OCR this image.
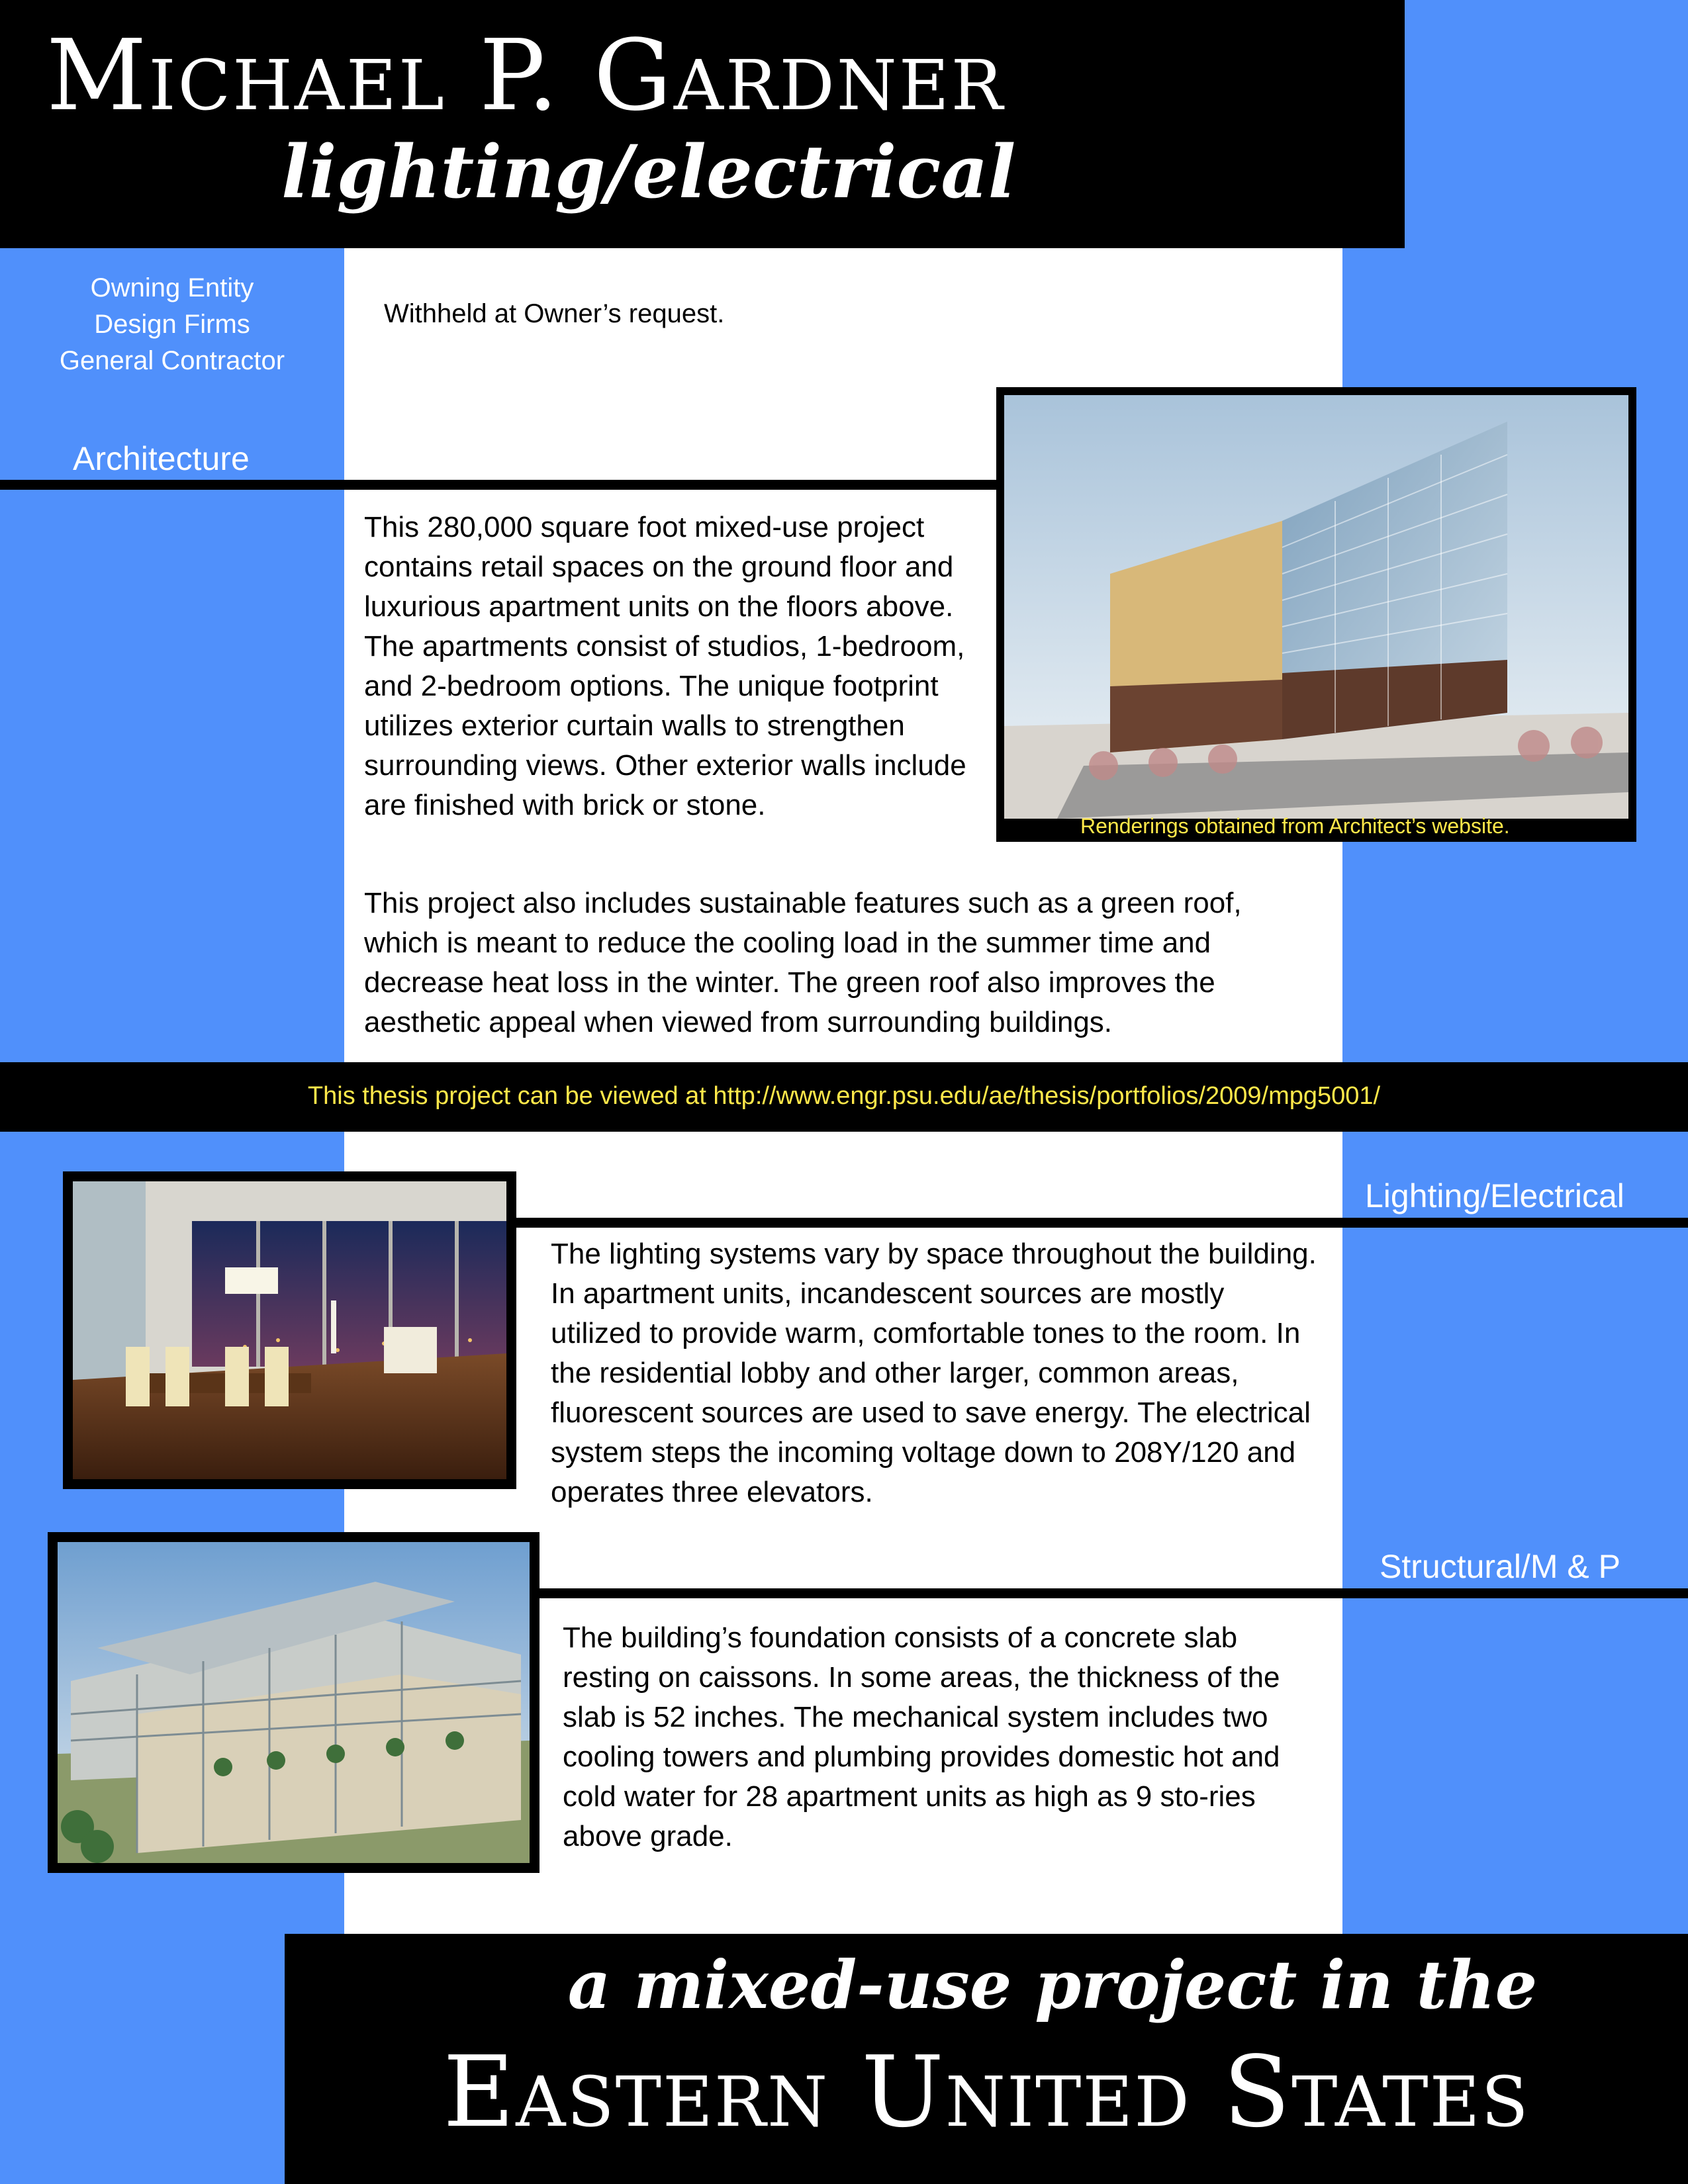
Michael P. Gardner
lighting/electrical
Owning Entity
Design Firms
General Contractor
Withheld at Owner’s request.
Architecture
Renderings obtained from Architect’s website.

This 280,000 square foot mixed-use project contains retail spaces on the ground floor and luxurious apartment units on the floors above. The apartments consist of studios, 1-bedroom, and 2-bedroom options. The unique footprint utilizes exterior curtain walls to strengthen surrounding views. Other exterior walls include are finished with brick or stone.

This project also includes sustainable features such as a green roof, which is meant to reduce the cooling load in the summer time and decrease heat loss in the winter. The green roof also improves the aesthetic appeal when viewed from surrounding buildings.

This thesis project can be viewed at http://www.engr.psu.edu/ae/thesis/portfolios/2009/mpg5001/
Lighting/Electrical

The lighting systems vary by space throughout the building. In apartment units, incandescent sources are mostly utilized to provide warm, comfortable tones to the room. In the residential lobby and other larger, common areas, fluorescent sources are used to save energy. The electrical system steps the incoming voltage down to 208Y/120 and operates three elevators.

Structural/M & P

The building’s foundation consists of a concrete slab resting on caissons. In some areas, the thickness of the slab is 52 inches. The mechanical system includes two cooling towers and plumbing provides domestic hot and cold water for 28 apartment units as high as 9 sto-ries above grade.

a mixed-use project in the
Eastern United States
